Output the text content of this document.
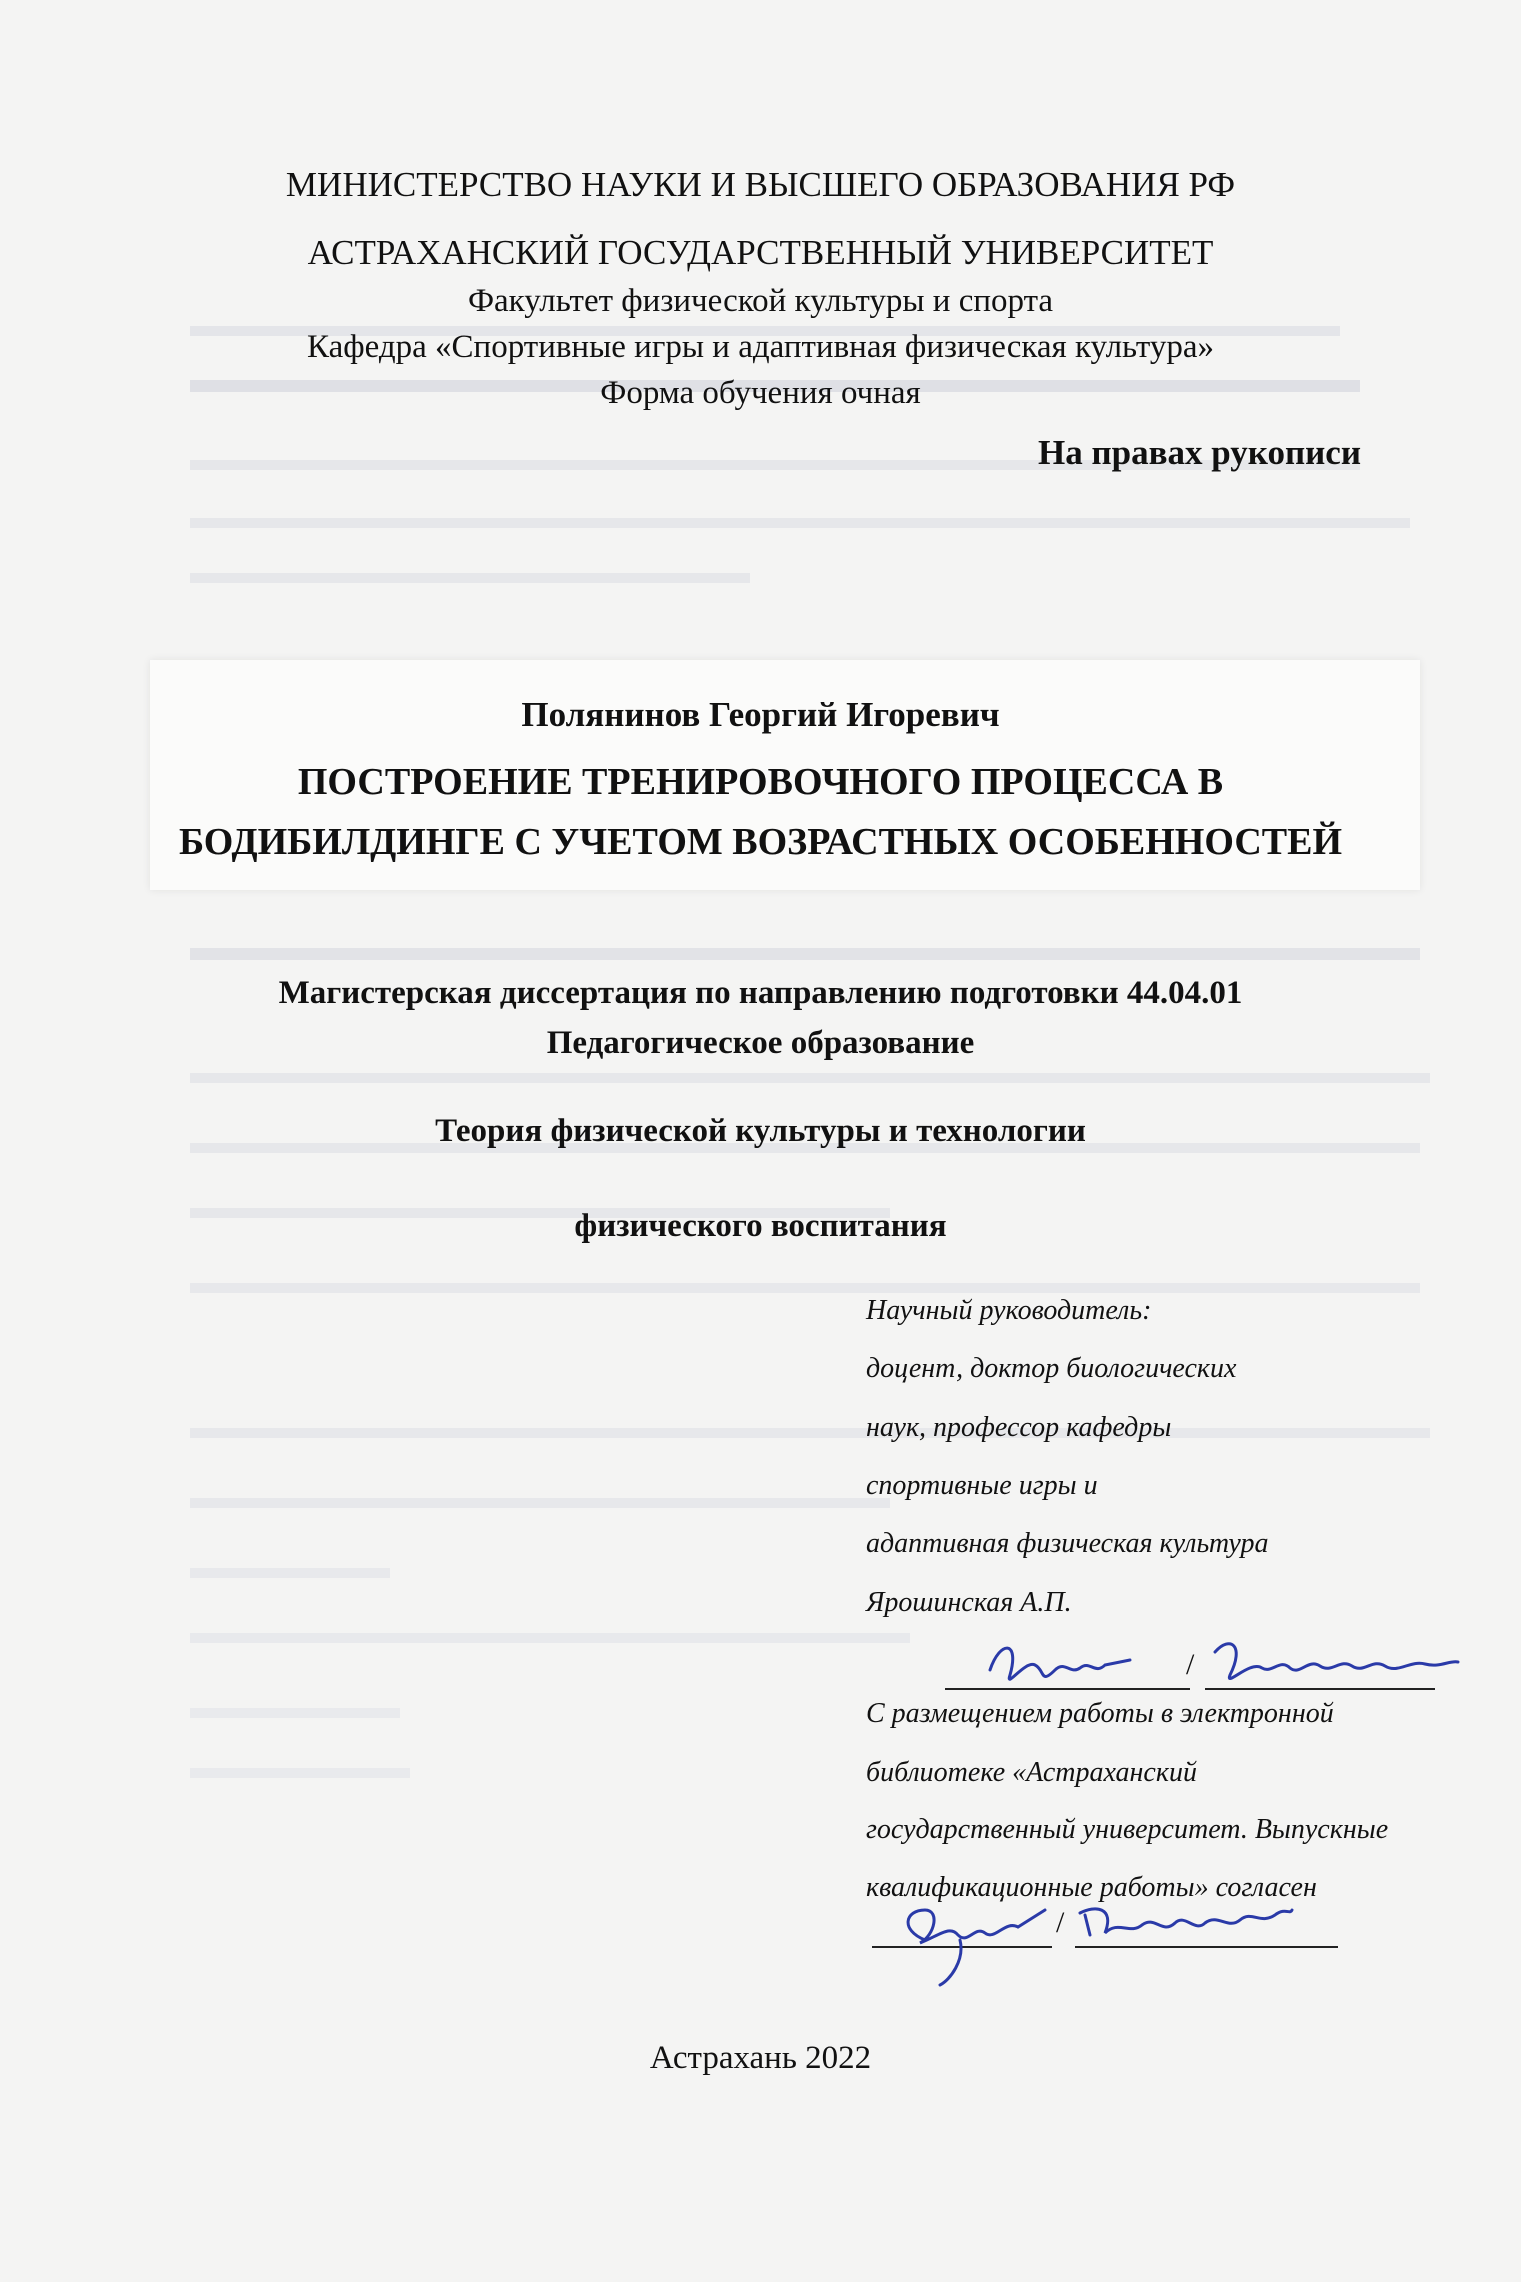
МИНИСТЕРСТВО НАУКИ И ВЫСШЕГО ОБРАЗОВАНИЯ РФ
АСТРАХАНСКИЙ ГОСУДАРСТВЕННЫЙ УНИВЕРСИТЕТ
Факультет физической культуры и спорта
Кафедра «Спортивные игры и адаптивная физическая культура»
Форма обучения очная
На правах рукописи
Полянинов Георгий Игоревич
ПОСТРОЕНИЕ ТРЕНИРОВОЧНОГО ПРОЦЕССА В
БОДИБИЛДИНГЕ С УЧЕТОМ ВОЗРАСТНЫХ ОСОБЕННОСТЕЙ
Магистерская диссертация по направлению подготовки 44.04.01
Педагогическое образование
Теория физической культуры и технологии
физического воспитания
Научный руководитель:
доцент, доктор биологических
наук, профессор кафедры
спортивные игры и
адаптивная физическая культура
Ярошинская А.П.
/
С размещением работы в электронной
библиотеке «Астраханский
государственный университет. Выпускные
квалификационные работы» согласен
/
Астрахань 2022
